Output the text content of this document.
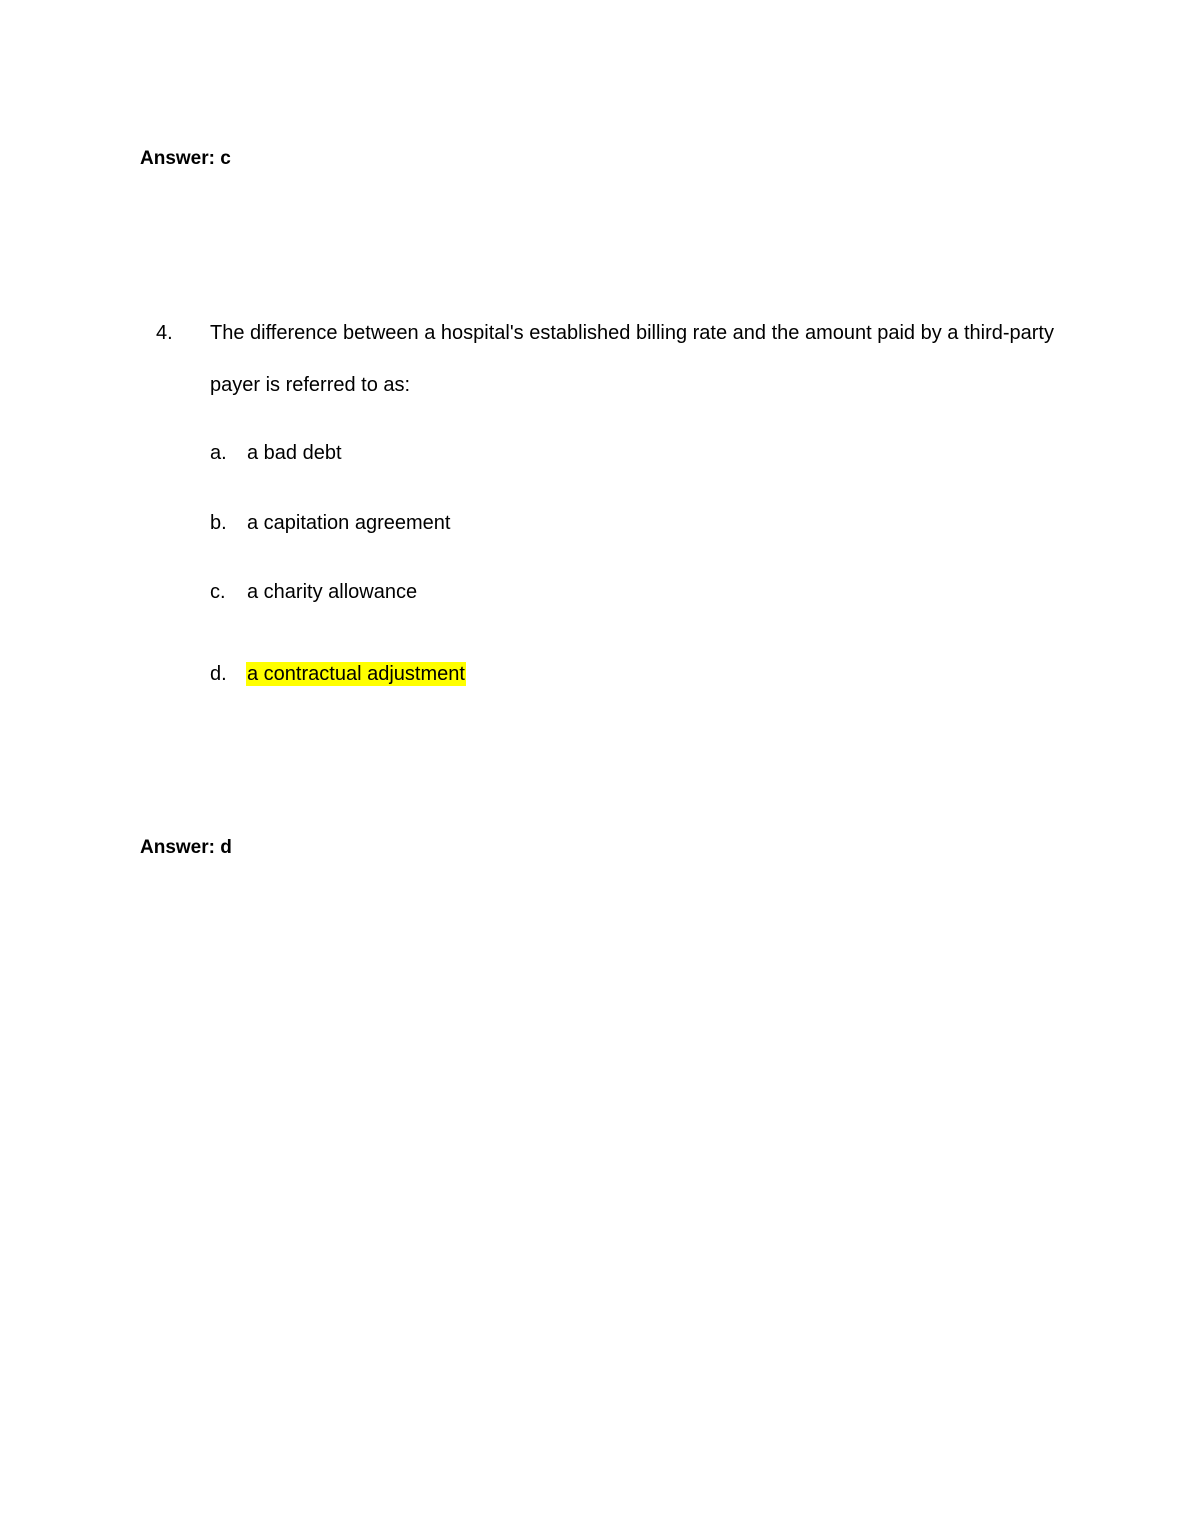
Answer: c
4. The difference between a hospital's established billing rate and the amount paid by a third-party payer is referred to as:
a.	a bad debt
b.	a capitation agreement
c.	a charity allowance
d.	a contractual adjustment
Answer: d
